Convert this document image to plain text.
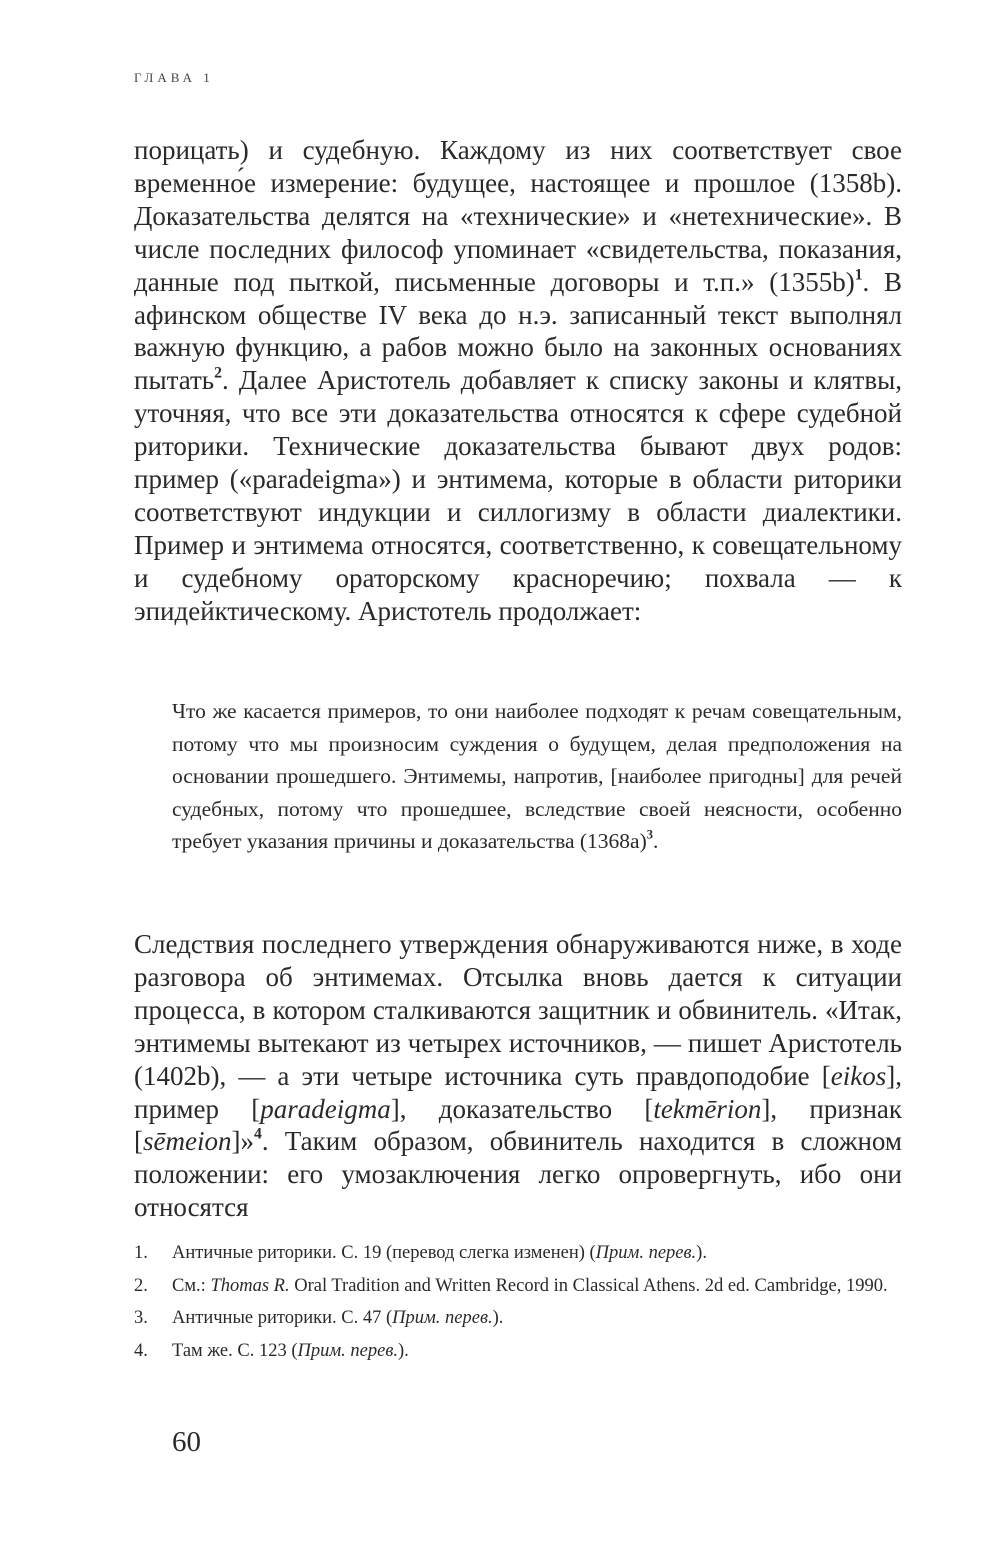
ГЛАВА 1

порицать) и судебную. Каждому из них соответствует свое временно́е измерение: будущее, настоящее и прошлое (1358b). Доказательства делятся на «технические» и «нетехнические». В числе последних философ упоминает «свидетельства, показания, данные под пыткой, письменные договоры и т.п.» (1355b)$^1$. В афинском обществе IV века до н.э. записанный текст выполнял важную функцию, а рабов можно было на законных основаниях пытать$^2$. Далее Аристотель добавляет к списку законы и клятвы, уточняя, что все эти доказательства относятся к сфере судебной риторики. Технические доказательства бывают двух родов: пример («paradeigma») и энтимема, которые в области риторики соответствуют индукции и силлогизму в области диалектики. Пример и энтимема относятся, соответственно, к совещательному и судебному ораторскому красноречию; похвала — к эпидейктическому. Аристотель продолжает:

Что же касается примеров, то они наиболее подходят к речам совещательным, потому что мы произносим суждения о будущем, делая предположения на основании прошедшего. Энтимемы, напротив, [наиболее пригодны] для речей судебных, потому что прошедшее, вследствие своей неясности, особенно требует указания причины и доказательства (1368a)$^3$.

Следствия последнего утверждения обнаруживаются ниже, в ходе разговора об энтимемах. Отсылка вновь дается к ситуации процесса, в котором сталкиваются защитник и обвинитель. «Итак, энтимемы вытекают из четырех источников, — пишет Аристотель (1402b), — а эти четыре источника суть правдоподобие [eikos], пример [paradeigma], доказательство [tekmērion], признак [sēmeion]»$^4$. Таким образом, обвинитель находится в сложном положении: его умозаключения легко опровергнуть, ибо они относятся

1.	Античные риторики. С. 19 (перевод слегка изменен) (Прим. перев.).
2.	См.: Thomas R. Oral Tradition and Written Record in Classical Athens. 2d ed. Cambridge, 1990.
3.	Античные риторики. С. 47 (Прим. перев.).
4.	Там же. С. 123 (Прим. перев.).
60
